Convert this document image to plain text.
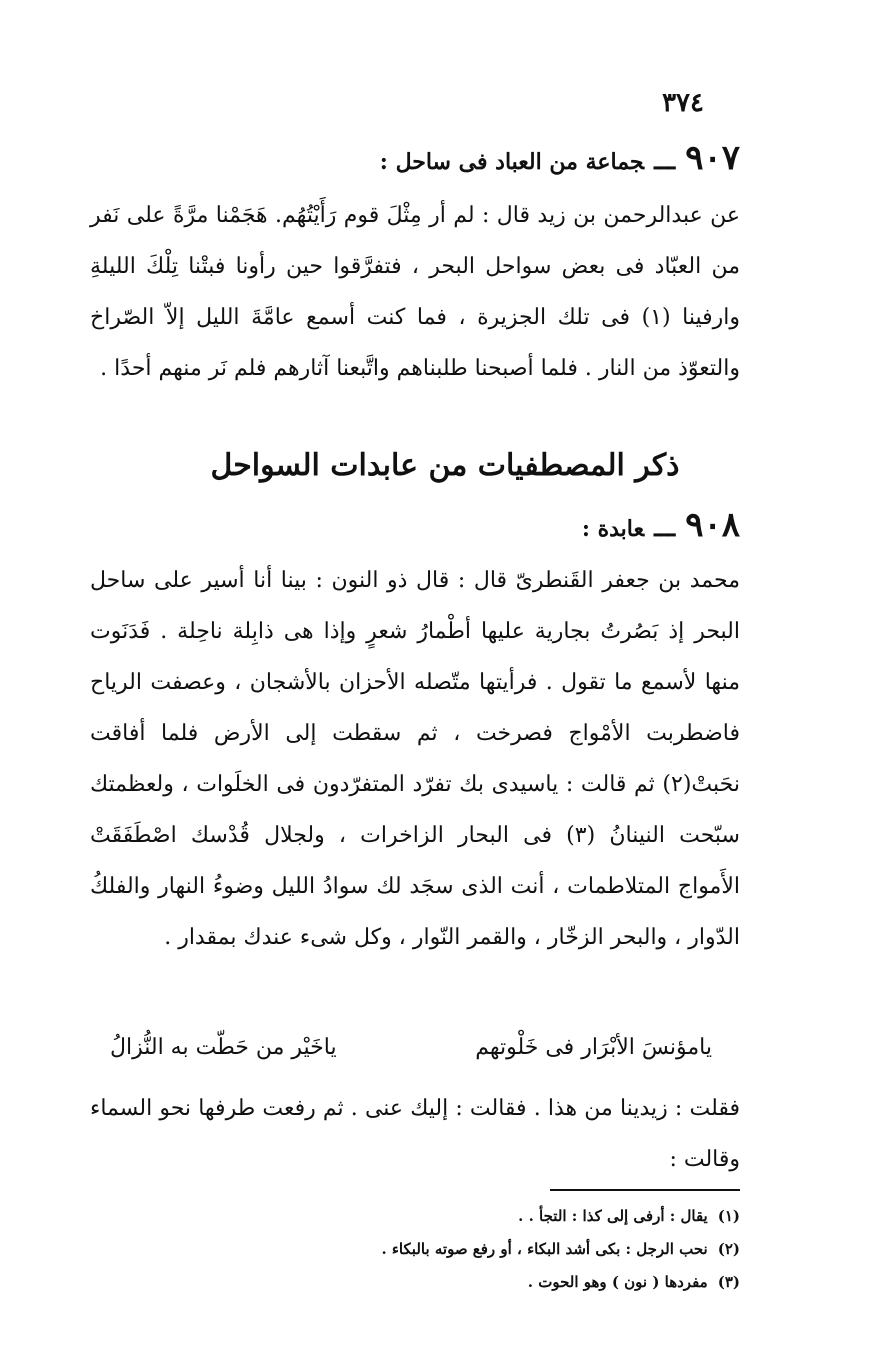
٣٧٤
٩٠٧ـــجماعة من العباد فى ساحل :
عن عبدالرحمن بن زيد قال : لم أر مِثْلَ قوم رَأَيْتُهُم. هَجَمْنا مرَّةً على نَفر من العبّاد فى بعض سواحل البحر ، فتفرَّقوا حين رأونا فبتْنا تِلْكَ الليلةِ وارفينا (١) فى تلك الجزيرة ، فما كنت أسمع عامَّةَ الليل إلاّ الصّراخ والتعوّذ من النار . فلما أصبحنا طلبناهم واتَّبعنا آثارهم فلم نَر منهم أحدًا .
ذكر المصطفيات من عابدات السواحل
٩٠٨ـــعابدة :
محمد بن جعفر القَنطرىّ قال : قال ذو النون : بينا أنا أسير على ساحل البحر إذ بَصُرتُ بجارية عليها أطْمارُ شعرٍ وإذا هى ذابِلة ناحِلة . فَدَنَوت منها لأسمع ما تقول . فرأيتها متّصله الأحزان بالأشجان ، وعصفت الرياح فاضطربت الأمْواج فصرخت ، ثم سقطت إلى الأرض فلما أفاقت نحَبتْ(٢) ثم قالت : ياسيدى بك تفرّد المتفرّدون فى الخلَوات ، ولعظمتك سبّحت النينانُ (٣) فى البحار الزاخرات ، ولجلال قُدْسك اصْطَفَقَتْ الأَمواج المتلاطمات ، أنت الذى سجَد لك سوادُ الليل وضوءُ النهار والفلكُ الدّوار ، والبحر الزخّار ، والقمر النّوار ، وكل شىء عندك بمقدار .
يامؤنسَ الأبْرَار فى خَلْوتهم
ياخَيْر من حَطّت به النُّزالُ
فقلت : زيدينا من هذا . فقالت : إليك عنى . ثم رفعت طرفها نحو السماء وقالت :
(١)يقال : أرفى إلى كذا : التجأ . .
(٢)نحب الرجل : بكى أشد البكاء ، أو رفع صوته بالبكاء .
(٣)مفردها ( نون ) وهو الحوت .
